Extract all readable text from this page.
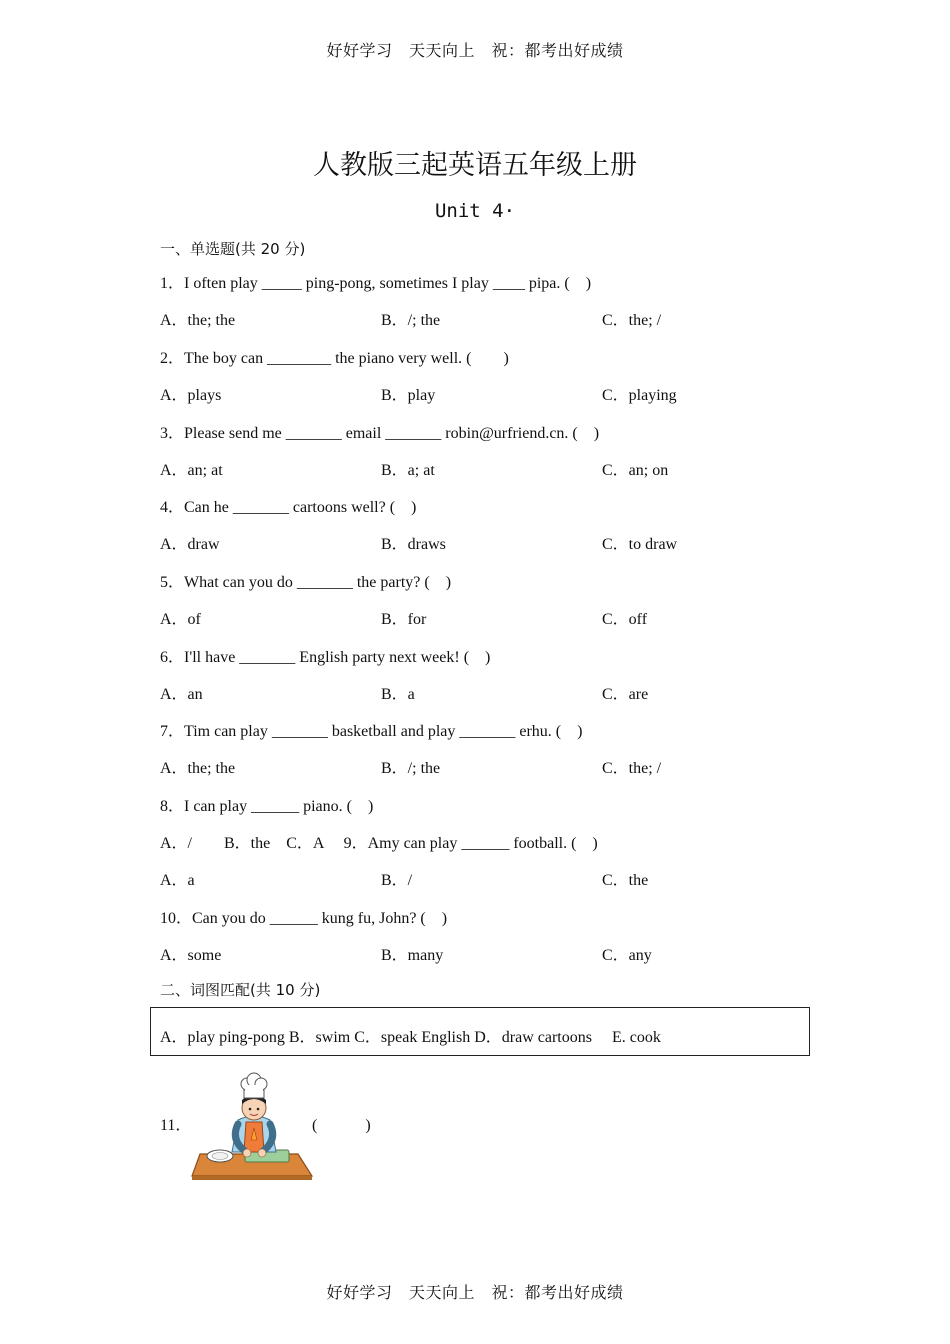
好好学习　天天向上　祝：都考出好成绩
人教版三起英语五年级上册
Unit 4·
一、单选题(共 20 分)
1．I often play _____ ping-pong, sometimes I play ____ pipa. (　)
A．the; the	B．/; the	C．the; /
2．The boy can ________ the piano very well. (　　)
A．plays	B．play	C．playing
3．Please send me _______ email _______ robin@urfriend.cn. (　)
A．an; at	B．a; at	C．an; on
4．Can he _______ cartoons well? (　)
A．draw	B．draws	C．to draw
5．What can you do _______ the party? (　)
A．of	B．for	C．off
6．I'll have _______ English party next week! (　)
A．an	B．a	C．are
7．Tim can play _______ basketball and play _______ erhu. (　)
A．the; the	B．/; the	C．the; /
8．I can play ______ piano. (　)
A．/　　B．the　C．A　 9．Amy can play ______ football. (　)
A．a	B．/	C．the
10．Can you do ______ kung fu, John? (　)
A．some	B．many	C．any
二、词图匹配(共 10 分)
A．play ping-pong B．swim C．speak English D．draw cartoons　 E. cook
11．	(　　　)
好好学习　天天向上　祝：都考出好成绩
